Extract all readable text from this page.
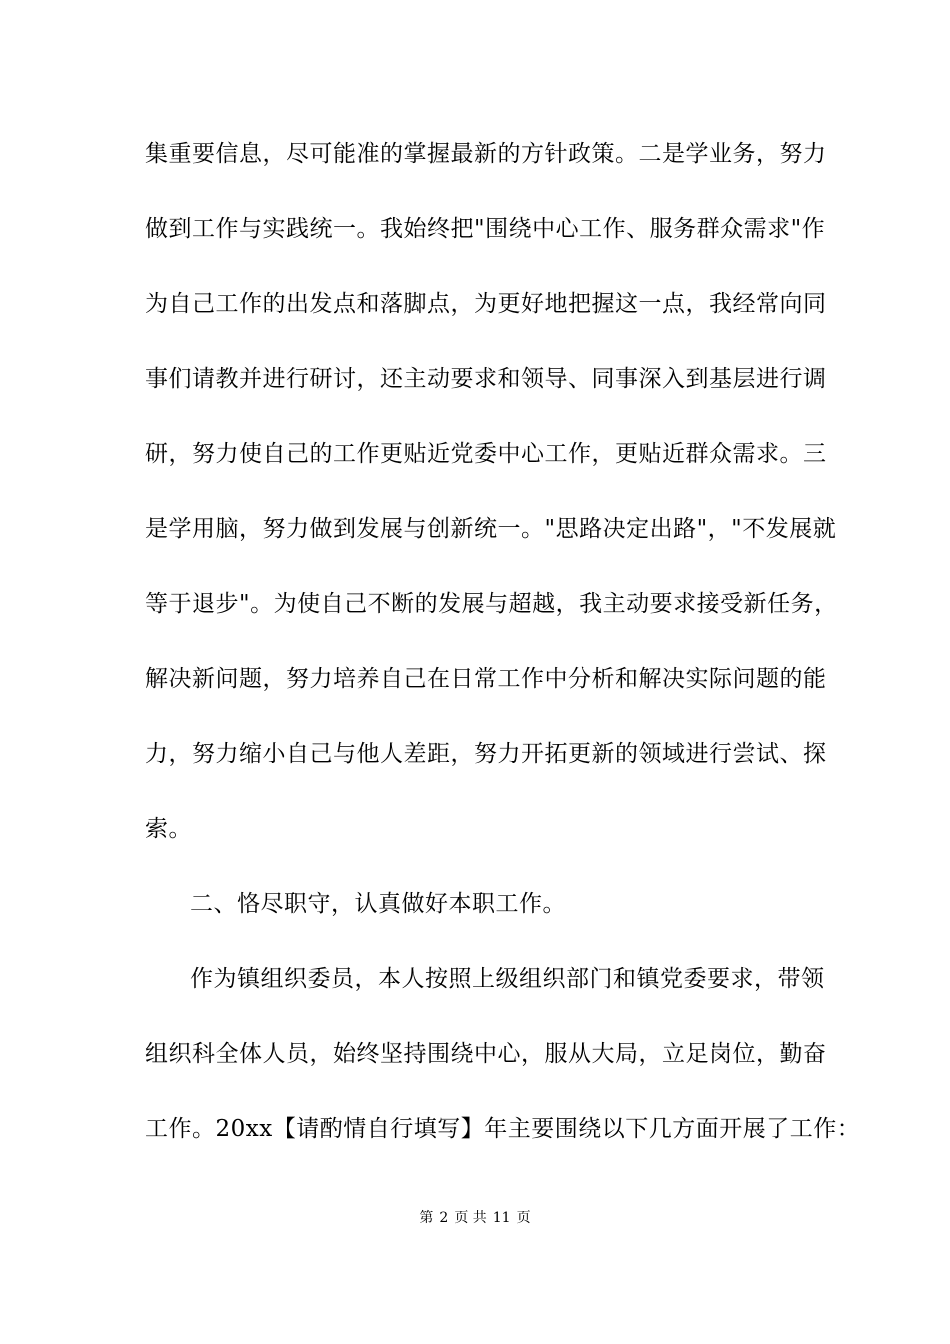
集重要信息，尽可能准的掌握最新的方针政策。二是学业务，努力
做到工作与实践统一。我始终把"围绕中心工作、服务群众需求"作
为自己工作的出发点和落脚点，为更好地把握这一点，我经常向同
事们请教并进行研讨，还主动要求和领导、同事深入到基层进行调
研，努力使自己的工作更贴近党委中心工作，更贴近群众需求。三
是学用脑，努力做到发展与创新统一。"思路决定出路"，"不发展就
等于退步"。为使自己不断的发展与超越，我主动要求接受新任务，
解决新问题，努力培养自己在日常工作中分析和解决实际问题的能
力，努力缩小自己与他人差距，努力开拓更新的领域进行尝试、探
索。
二、恪尽职守，认真做好本职工作。
作为镇组织委员，本人按照上级组织部门和镇党委要求，带领
组织科全体人员，始终坚持围绕中心，服从大局，立足岗位，勤奋
工作。20xx【请酌情自行填写】年主要围绕以下几方面开展了工作：
第 2 页 共 11 页
